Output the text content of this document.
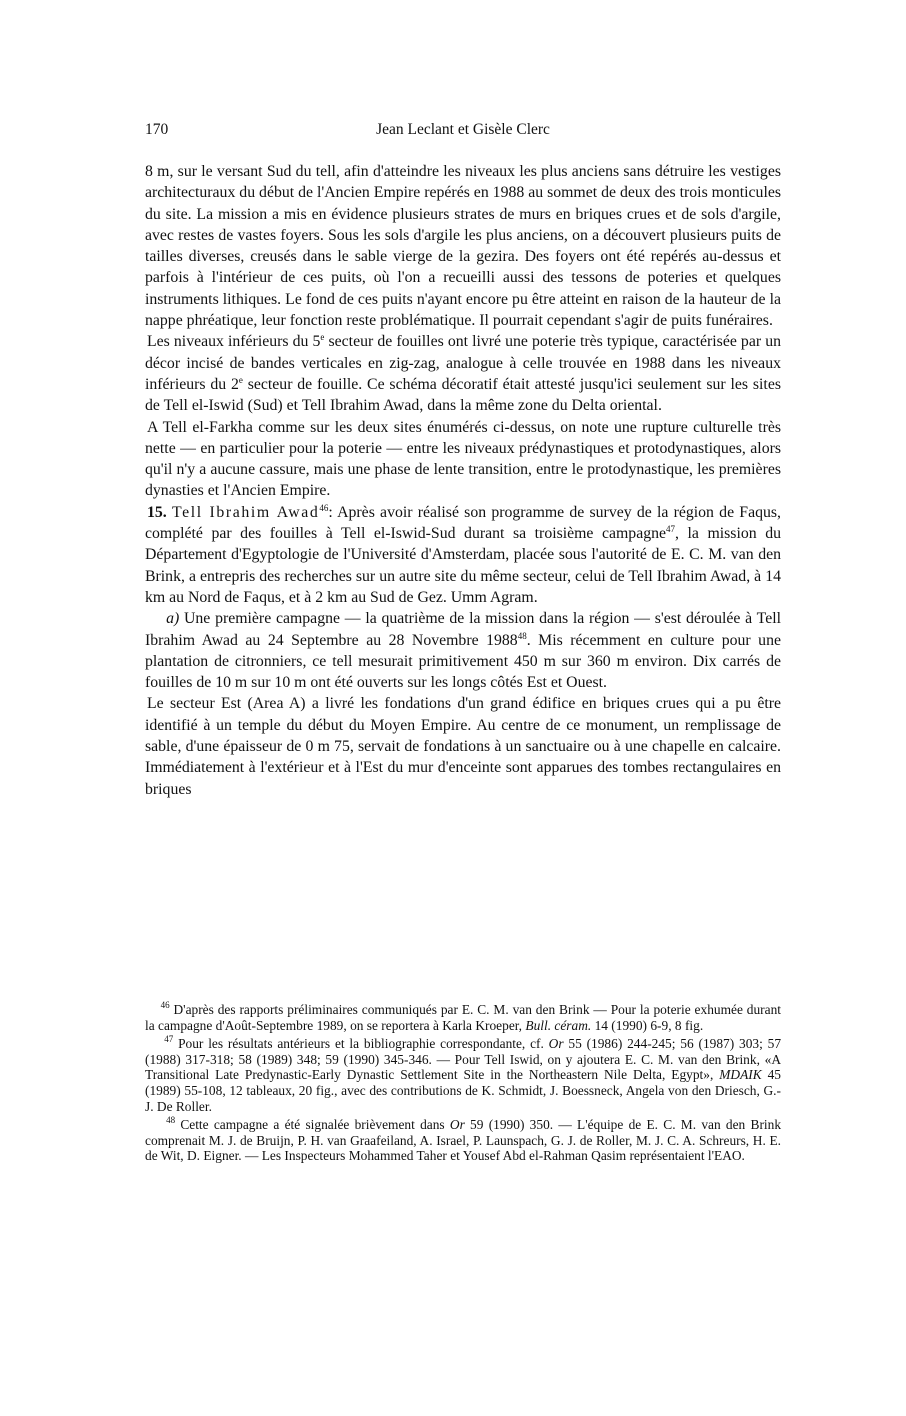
170	Jean Leclant et Gisèle Clerc

8 m, sur le versant Sud du tell, afin d'atteindre les niveaux les plus anciens sans détruire les vestiges architecturaux du début de l'Ancien Empire repérés en 1988 au sommet de deux des trois monticules du site. La mission a mis en évidence plusieurs strates de murs en briques crues et de sols d'argile, avec restes de vastes foyers. Sous les sols d'argile les plus anciens, on a découvert plusieurs puits de tailles diverses, creusés dans le sable vierge de la gezira. Des foyers ont été repérés au-dessus et parfois à l'intérieur de ces puits, où l'on a recueilli aussi des tessons de poteries et quelques instruments lithiques. Le fond de ces puits n'ayant encore pu être atteint en raison de la hauteur de la nappe phréatique, leur fonction reste problématique. Il pourrait cependant s'agir de puits funéraires.

Les niveaux inférieurs du 5e secteur de fouilles ont livré une poterie très typique, caractérisée par un décor incisé de bandes verticales en zig-zag, analogue à celle trouvée en 1988 dans les niveaux inférieurs du 2e secteur de fouille. Ce schéma décoratif était attesté jusqu'ici seulement sur les sites de Tell el-Iswid (Sud) et Tell Ibrahim Awad, dans la même zone du Delta oriental.

A Tell el-Farkha comme sur les deux sites énumérés ci-dessus, on note une rupture culturelle très nette — en particulier pour la poterie — entre les niveaux prédynastiques et protodynastiques, alors qu'il n'y a aucune cassure, mais une phase de lente transition, entre le protodynastique, les premières dynasties et l'Ancien Empire.

15. Tell Ibrahim Awad$^{46}$: Après avoir réalisé son programme de survey de la région de Faqus, complété par des fouilles à Tell el-Iswid-Sud durant sa troisième campagne$^{47}$, la mission du Département d'Egyptologie de l'Université d'Amsterdam, placée sous l'autorité de E. C. M. van den Brink, a entrepris des recherches sur un autre site du même secteur, celui de Tell Ibrahim Awad, à 14 km au Nord de Faqus, et à 2 km au Sud de Gez. Umm Agram.

a) Une première campagne — la quatrième de la mission dans la région — s'est déroulée à Tell Ibrahim Awad au 24 Septembre au 28 Novembre 1988$^{48}$. Mis récemment en culture pour une plantation de citronniers, ce tell mesurait primitivement 450 m sur 360 m environ. Dix carrés de fouilles de 10 m sur 10 m ont été ouverts sur les longs côtés Est et Ouest.

Le secteur Est (Area A) a livré les fondations d'un grand édifice en briques crues qui a pu être identifié à un temple du début du Moyen Empire. Au centre de ce monument, un remplissage de sable, d'une épaisseur de 0 m 75, servait de fondations à un sanctuaire ou à une chapelle en calcaire. Immédiatement à l'extérieur et à l'Est du mur d'enceinte sont apparues des tombes rectangulaires en briques

$^{46}$ D'après des rapports préliminaires communiqués par E. C. M. van den Brink — Pour la poterie exhumée durant la campagne d'Août-Septembre 1989, on se reportera à Karla Kroeper, Bull. céram. 14 (1990) 6-9, 8 fig.

$^{47}$ Pour les résultats antérieurs et la bibliographie correspondante, cf. Or 55 (1986) 244-245; 56 (1987) 303; 57 (1988) 317-318; 58 (1989) 348; 59 (1990) 345-346. — Pour Tell Iswid, on y ajoutera E. C. M. van den Brink, «A Transitional Late Predynastic-Early Dynastic Settlement Site in the Northeastern Nile Delta, Egypt», MDAIK 45 (1989) 55-108, 12 tableaux, 20 fig., avec des contributions de K. Schmidt, J. Boessneck, Angela von den Driesch, G.-J. De Roller.

$^{48}$ Cette campagne a été signalée brièvement dans Or 59 (1990) 350. — L'équipe de E. C. M. van den Brink comprenait M. J. de Bruijn, P. H. van Graafeiland, A. Israel, P. Launspach, G. J. de Roller, M. J. C. A. Schreurs, H. E. de Wit, D. Eigner. — Les Inspecteurs Mohammed Taher et Yousef Abd el-Rahman Qasim représentaient l'EAO.
